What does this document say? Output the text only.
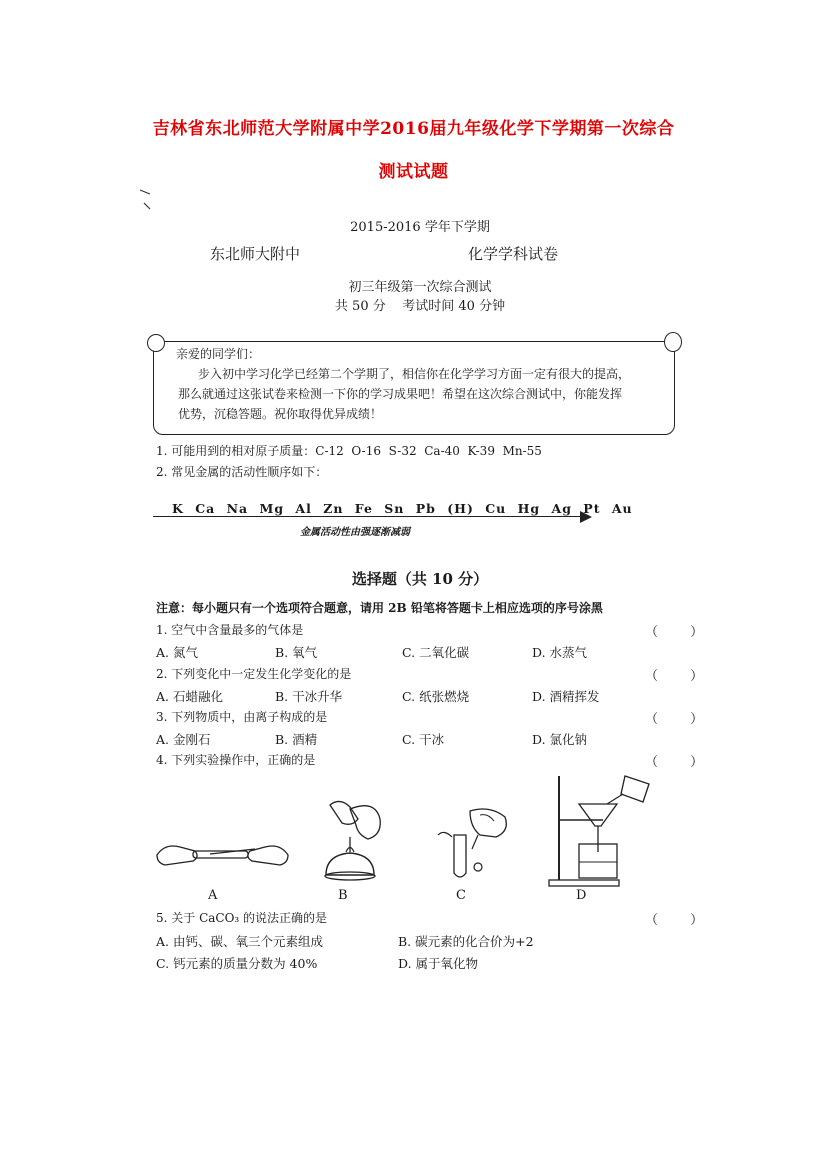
吉林省东北师范大学附属中学2016届九年级化学下学期第一次综合
测试试题
2015-2016 学年下学期
东北师大附中	化学学科试卷
初三年级第一次综合测试
共 50 分    考试时间 40 分钟
亲爱的同学们：
步入初中学习化学已经第二个学期了，相信你在化学学习方面一定有很大的提高，
那么就通过这张试卷来检测一下你的学习成果吧！希望在这次综合测试中，你能发挥
优势，沉稳答题。祝你取得优异成绩！
1. 可能用到的相对原子质量：C-12  O-16  S-32  Ca-40  K-39  Mn-55
2. 常见金属的活动性顺序如下：
K Ca Na Mg Al Zn Fe Sn Pb (H) Cu Hg Ag Pt Au
金属活动性由强逐渐减弱
选择题（共 10 分）
注意：每小题只有一个选项符合题意，请用 2B 铅笔将答题卡上相应选项的序号涂黑
1. 空气中含量最多的气体是	（ ）
A. 氮气	B. 氧气	C. 二氧化碳	D. 水蒸气
2. 下列变化中一定发生化学变化的是	（ ）
A. 石蜡融化	B. 干冰升华	C. 纸张燃烧	D. 酒精挥发
3. 下列物质中，由离子构成的是	（ ）
A. 金刚石	B. 酒精	C. 干冰	D. 氯化钠
4. 下列实验操作中，正确的是	（ ）
A	B	C	D
5. 关于 CaCO₃ 的说法正确的是	（ ）
A. 由钙、碳、氧三个元素组成	B. 碳元素的化合价为+2
C. 钙元素的质量分数为 40%	D. 属于氧化物
